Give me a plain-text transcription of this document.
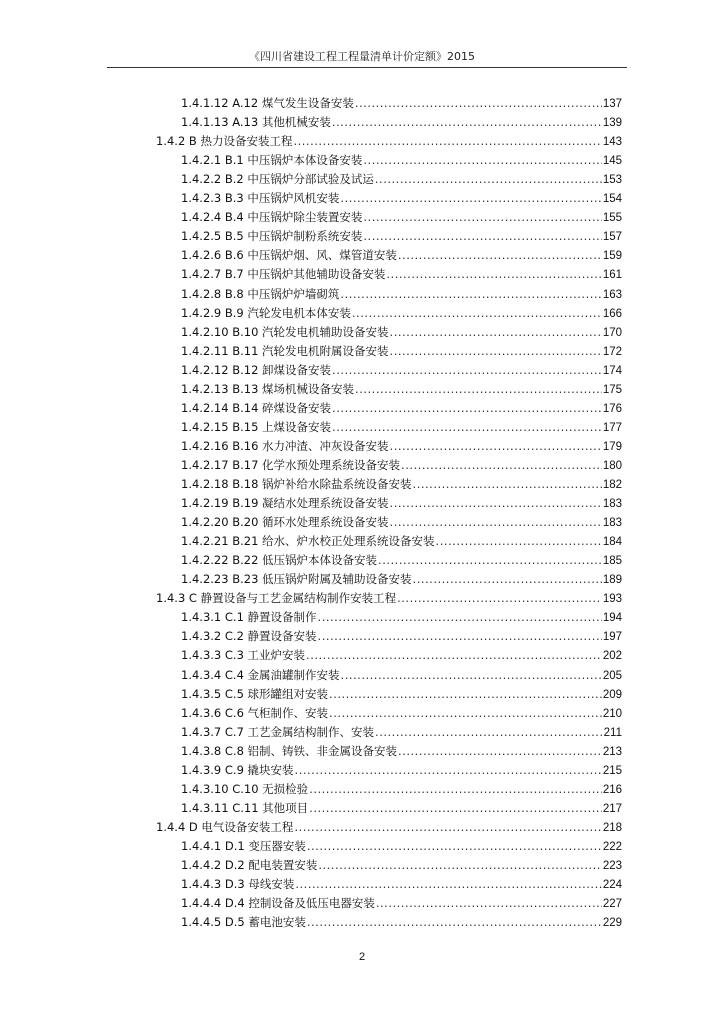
《四川省建设工程工程量清单计价定额》2015
1.4.1.12 A.12 煤气发生设备安装 .....	137
1.4.1.13 A.13 其他机械安装 .....	139
1.4.2 B 热力设备安装工程 .....	143
1.4.2.1 B.1 中压锅炉本体设备安装 .....	145
1.4.2.2 B.2 中压锅炉分部试验及试运 .....	153
1.4.2.3 B.3 中压锅炉风机安装 .....	154
1.4.2.4 B.4 中压锅炉除尘装置安装 .....	155
1.4.2.5 B.5 中压锅炉制粉系统安装 .....	157
1.4.2.6 B.6 中压锅炉烟、风、煤管道安装 .....	159
1.4.2.7 B.7 中压锅炉其他辅助设备安装 .....	161
1.4.2.8 B.8 中压锅炉炉墙砌筑 .....	163
1.4.2.9 B.9 汽轮发电机本体安装 .....	166
1.4.2.10 B.10 汽轮发电机辅助设备安装 .....	170
1.4.2.11 B.11 汽轮发电机附属设备安装 .....	172
1.4.2.12 B.12 卸煤设备安装 .....	174
1.4.2.13 B.13 煤场机械设备安装 .....	175
1.4.2.14 B.14 碎煤设备安装 .....	176
1.4.2.15 B.15 上煤设备安装 .....	177
1.4.2.16 B.16 水力冲渣、冲灰设备安装 .....	179
1.4.2.17 B.17 化学水预处理系统设备安装 .....	180
1.4.2.18 B.18 锅炉补给水除盐系统设备安装 .....	182
1.4.2.19 B.19 凝结水处理系统设备安装 .....	183
1.4.2.20 B.20 循环水处理系统设备安装 .....	183
1.4.2.21 B.21 给水、炉水校正处理系统设备安装 .....	184
1.4.2.22 B.22 低压锅炉本体设备安装 .....	185
1.4.2.23 B.23 低压锅炉附属及辅助设备安装 .....	189
1.4.3 C 静置设备与工艺金属结构制作安装工程 .....	193
1.4.3.1 C.1 静置设备制作 .....	194
1.4.3.2 C.2 静置设备安装 .....	197
1.4.3.3 C.3 工业炉安装 .....	202
1.4.3.4 C.4 金属油罐制作安装 .....	205
1.4.3.5 C.5 球形罐组对安装 .....	209
1.4.3.6 C.6 气柜制作、安装 .....	210
1.4.3.7 C.7 工艺金属结构制作、安装 .....	211
1.4.3.8 C.8 铝制、铸铁、非金属设备安装 .....	213
1.4.3.9 C.9 撬块安装 .....	215
1.4.3.10 C.10 无损检验 .....	216
1.4.3.11 C.11 其他项目 .....	217
1.4.4 D 电气设备安装工程 .....	218
1.4.4.1 D.1 变压器安装 .....	222
1.4.4.2 D.2 配电装置安装 .....	223
1.4.4.3 D.3 母线安装 .....	224
1.4.4.4 D.4 控制设备及低压电器安装 .....	227
1.4.4.5 D.5 蓄电池安装 .....	229
2
